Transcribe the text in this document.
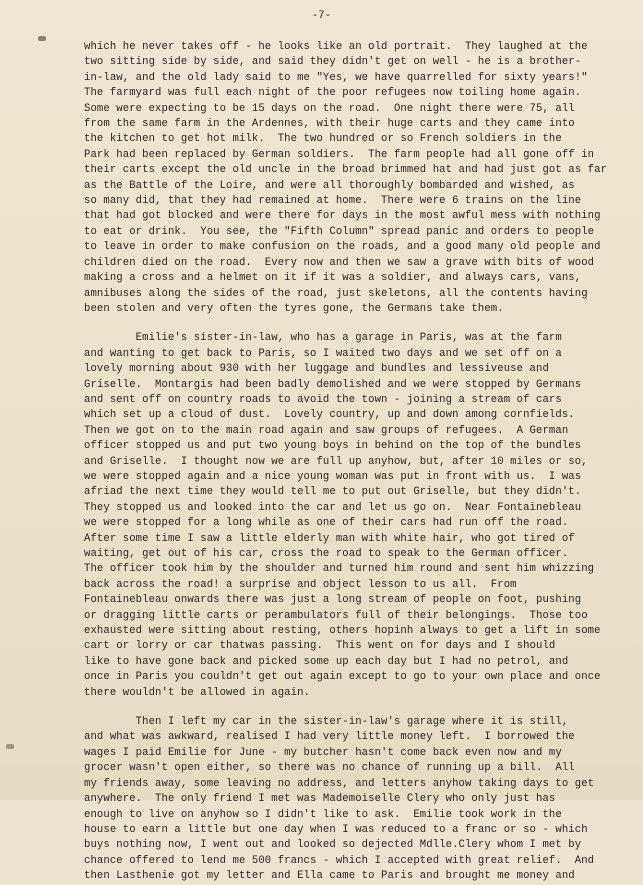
-7-
which he never takes off - he looks like an old portrait.  They laughed at the
two sitting side by side, and said they didn't get on well - he is a brother-
in-law, and the old lady said to me "Yes, we have quarrelled for sixty years!"
The farmyard was full each night of the poor refugees now toiling home again.
Some were expecting to be 15 days on the road.  One night there were 75, all
from the same farm in the Ardennes, with their huge carts and they came into
the kitchen to get hot milk.  The two hundred or so French soldiers in the
Park had been replaced by German soldiers.  The farm people had all gone off in
their carts except the old uncle in the broad brimmed hat and had just got as far
as the Battle of the Loire, and were all thoroughly bombarded and wished, as
so many did, that they had remained at home.  There were 6 trains on the line
that had got blocked and were there for days in the most awful mess with nothing
to eat or drink.  You see, the "Fifth Column" spread panic and orders to people
to leave in order to make confusion on the roads, and a good many old people and
children died on the road.  Every now and then we saw a grave with bits of wood
making a cross and a helmet on it if it was a soldier, and always cars, vans,
amnibuses along the sides of the road, just skeletons, all the contents having
been stolen and very often the tyres gone, the Germans take them.
Emilie's sister-in-law, who has a garage in Paris, was at the farm
and wanting to get back to Paris, so I waited two days and we set off on a
lovely morning about 930 with her luggage and bundles and lessiveuse and
Griselle.  Montargis had been badly demolished and we were stopped by Germans
and sent off on country roads to avoid the town - joining a stream of cars
which set up a cloud of dust.  Lovely country, up and down among cornfields.
Then we got on to the main road again and saw groups of refugees.  A German
officer stopped us and put two young boys in behind on the top of the bundles
and Griselle.  I thought now we are full up anyhow, but, after 10 miles or so,
we were stopped again and a nice young woman was put in front with us.  I was
afriad the next time they would tell me to put out Griselle, but they didn't.
They stopped us and looked into the car and let us go on.  Near Fontainebleau
we were stopped for a long while as one of their cars had run off the road.
After some time I saw a little elderly man with white hair, who got tired of
waiting, get out of his car, cross the road to speak to the German officer.
The officer took him by the shoulder and turned him round and sent him whizzing
back across the road! a surprise and object lesson to us all.  From
Fontainebleau onwards there was just a long stream of people on foot, pushing
or dragging little carts or perambulators full of their belongings.  Those too
exhausted were sitting about resting, others hopinh always to get a lift in some
cart or lorry or car thatwas passing.  This went on for days and I should
like to have gone back and picked some up each day but I had no petrol, and
once in Paris you couldn't get out again except to go to your own place and once
there wouldn't be allowed in again.
Then I left my car in the sister-in-law's garage where it is still,
and what was awkward, realised I had very little money left.  I borrowed the
wages I paid Emilie for June - my butcher hasn't come back even now and my
grocer wasn't open either, so there was no chance of running up a bill.  All
my friends away, some leaving no address, and letters anyhow taking days to get
anywhere.  The only friend I met was Mademoiselle Clery who only just has
enough to live on anyhow so I didn't like to ask.  Emilie took work in the
house to earn a little but one day when I was reduced to a franc or so - which
buys nothing now, I went out and looked so dejected Mdlle.Clery whom I met by
chance offered to lend me 500 francs - which I accepted with great relief.  And
then Lasthenie got my letter and Ella came to Paris and brought me money and
